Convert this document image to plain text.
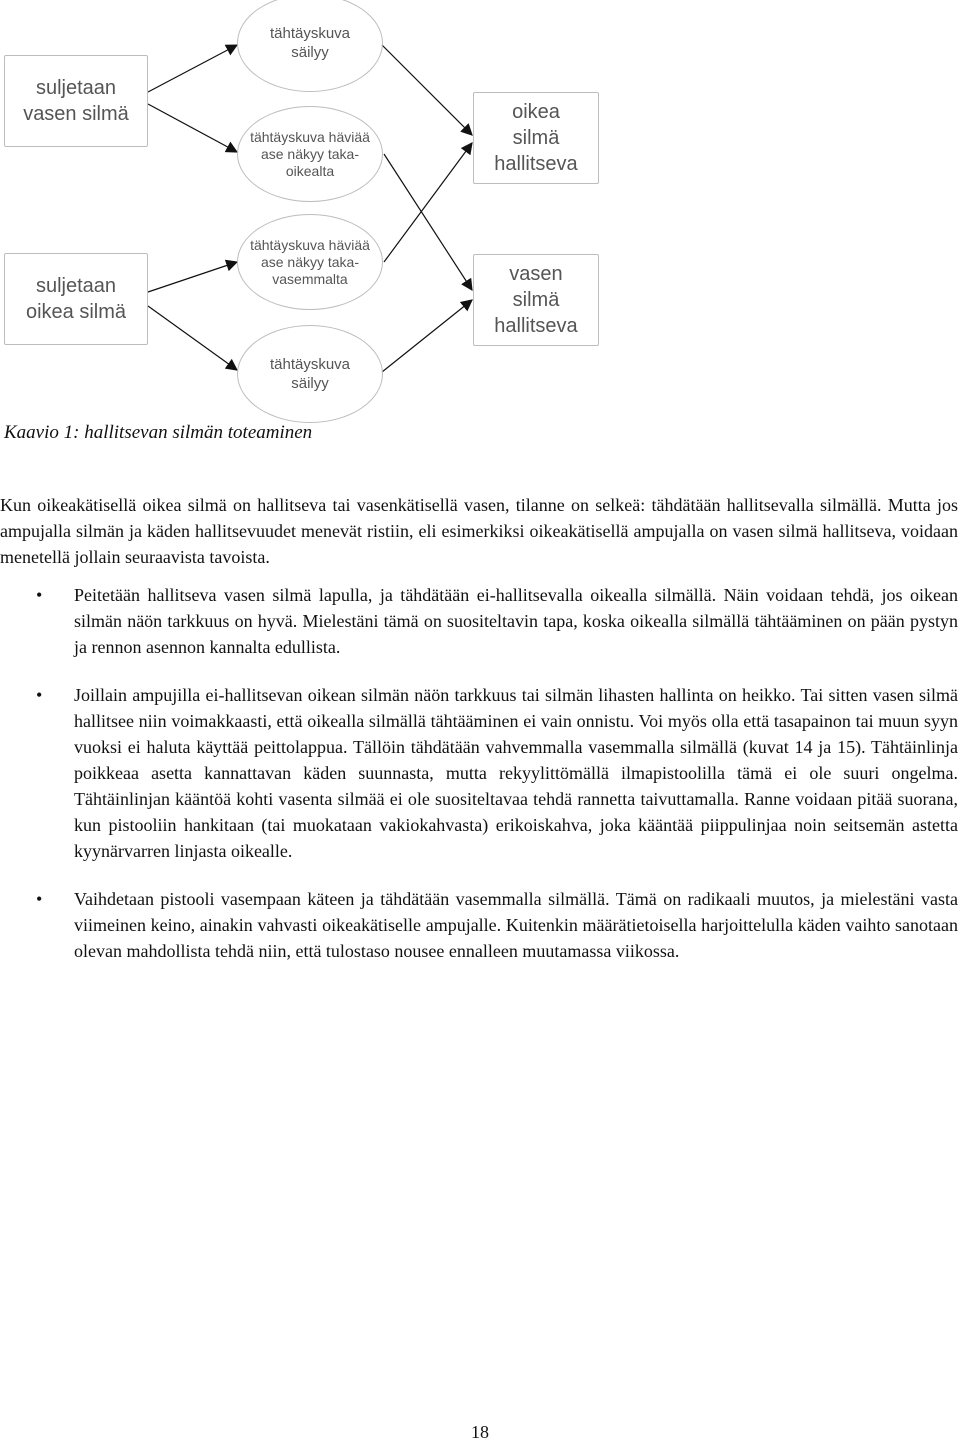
suljetaan
vasen silmä
suljetaan
oikea silmä
tähtäyskuva
säilyy
tähtäyskuva häviää
ase näkyy taka-
oikealta
tähtäyskuva häviää
ase näkyy taka-
vasemmalta
tähtäyskuva
säilyy
oikea
silmä
hallitseva
vasen
silmä
hallitseva
Kaavio 1: hallitsevan silmän toteaminen

Kun oikeakätisellä oikea silmä on hallitseva tai vasenkätisellä vasen, tilanne on selkeä: tähdätään hallitsevalla silmällä. Mutta jos ampujalla silmän ja käden hallitsevuudet menevät ristiin, eli esimerkiksi oikeakätisellä ampujalla on vasen silmä hallitseva, voidaan menetellä jollain seuraavista tavoista.

• Peitetään hallitseva vasen silmä lapulla, ja tähdätään ei-hallitsevalla oikealla silmällä. Näin voidaan tehdä, jos oikean silmän näön tarkkuus on hyvä. Mielestäni tämä on suositeltavin tapa, koska oikealla silmällä tähtääminen on pään pystyn ja rennon asennon kannalta edullista.
• Joillain ampujilla ei-hallitsevan oikean silmän näön tarkkuus tai silmän lihasten hallinta on heikko. Tai sitten vasen silmä hallitsee niin voimakkaasti, että oikealla silmällä tähtääminen ei vain onnistu. Voi myös olla että tasapainon tai muun syyn vuoksi ei haluta käyttää peittolappua. Tällöin tähdätään vahvemmalla vasemmalla silmällä (kuvat 14 ja 15). Tähtäinlinja poikkeaa asetta kannattavan käden suunnasta, mutta rekyylittömällä ilmapistoolilla tämä ei ole suuri ongelma. Tähtäinlinjan kääntöä kohti vasenta silmää ei ole suositeltavaa tehdä rannetta taivuttamalla. Ranne voidaan pitää suorana, kun pistooliin hankitaan (tai muokataan vakiokahvasta) erikoiskahva, joka kääntää piippulinjaa noin seitsemän astetta kyynärvarren linjasta oikealle.
• Vaihdetaan pistooli vasempaan käteen ja tähdätään vasemmalla silmällä. Tämä on radikaali muutos, ja mielestäni vasta viimeinen keino, ainakin vahvasti oikeakätiselle ampujalle. Kuitenkin määrätietoisella harjoittelulla käden vaihto sanotaan olevan mahdollista tehdä niin, että tulostaso nousee ennalleen muutamassa viikossa.
18
